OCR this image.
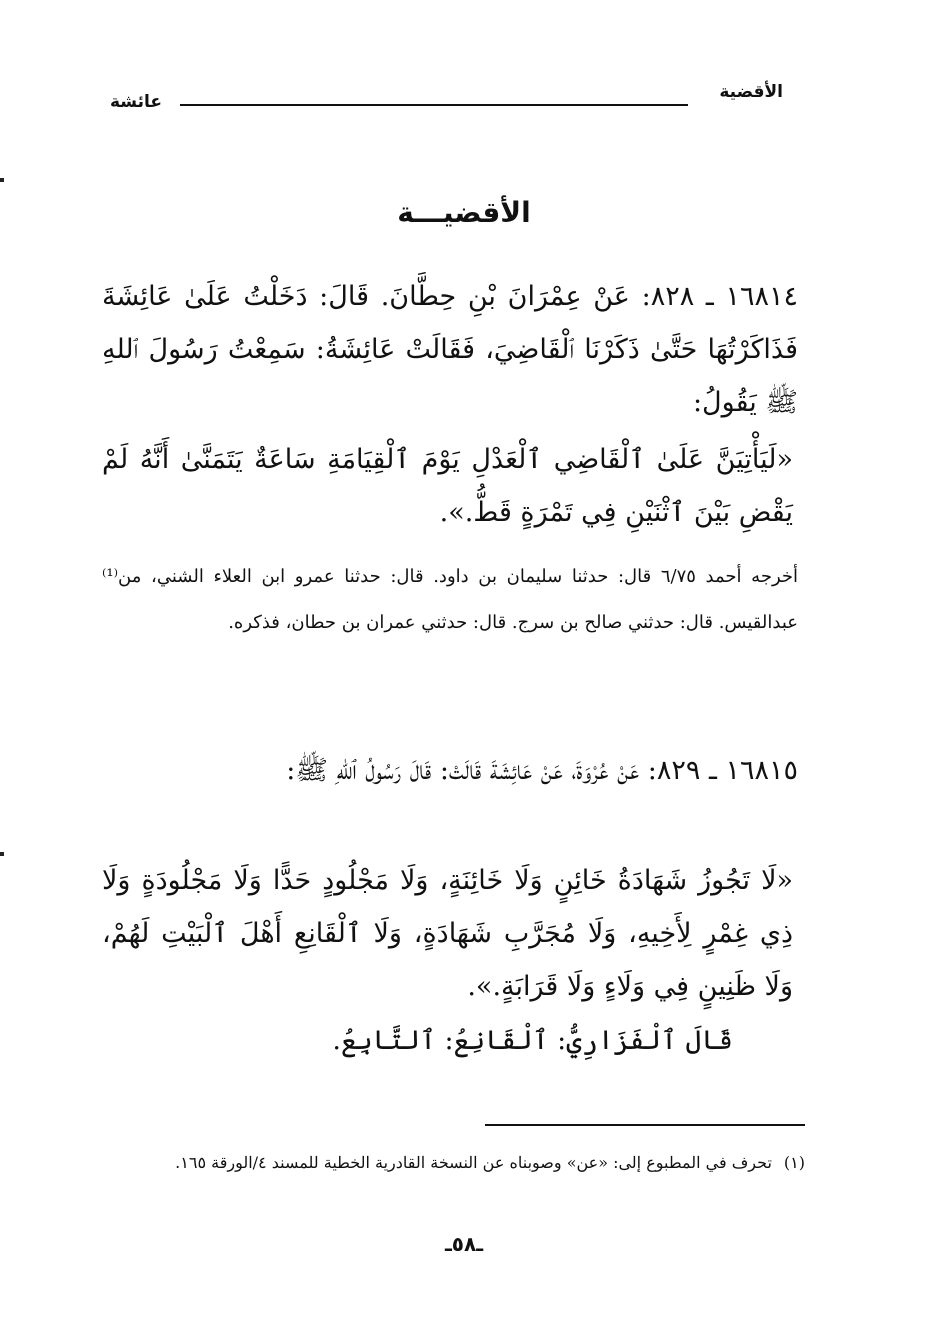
الأقضية
عائشة
الأقضيـــة
١٦٨١٤ ـ ٨٢٨: عَنْ عِمْرَانَ بْنِ حِطَّانَ. قَالَ: دَخَلْتُ عَلَىٰ عَائِشَةَ فَذَاكَرْتُهَا حَتَّىٰ ذَكَرْنَا ٱلْقَاضِيَ، فَقَالَتْ عَائِشَةُ: سَمِعْتُ رَسُولَ ٱللهِ ﷺ يَقُولُ:
«لَيَأْتِيَنَّ عَلَىٰ ٱلْقَاضِي ٱلْعَدْلِ يَوْمَ ٱلْقِيَامَةِ سَاعَةٌ يَتَمَنَّىٰ أَنَّهُ لَمْ يَقْضِ بَيْنَ ٱثْنَيْنِ فِي تَمْرَةٍ قَطُّ.».
أخرجه أحمد ٦/٧٥ قال: حدثنا سليمان بن داود. قال: حدثنا عمرو ابن العلاء الشني، من⁽¹⁾ عبدالقيس. قال: حدثني صالح بن سرج. قال: حدثني عمران بن حطان، فذكره.
١٦٨١٥ ـ ٨٢٩: عَنْ عُرْوَةَ، عَنْ عَائِشَةَ قَالَتْ: قَالَ رَسُولُ ٱللهِ ﷺ:
«لَا تَجُوزُ شَهَادَةُ خَائِنٍ وَلَا خَائِنَةٍ، وَلَا مَجْلُودٍ حَدًّا وَلَا مَجْلُودَةٍ وَلَا ذِي غِمْرٍ لِأَخِيهِ، وَلَا مُجَرَّبِ شَهَادَةٍ، وَلَا ٱلْقَانِعِ أَهْلَ ٱلْبَيْتِ لَهُمْ، وَلَا ظَنِينٍ فِي وَلَاءٍ وَلَا قَرَابَةٍ.».
قَالَ ٱلْفَزَارِيُّ: ٱلْقَانِعُ: ٱلتَّابِعُ.
(١)تحرف في المطبوع إلى: «عن» وصوبناه عن النسخة القادرية الخطية للمسند ٤/الورقة ١٦٥.
ـ٥٨ـ
